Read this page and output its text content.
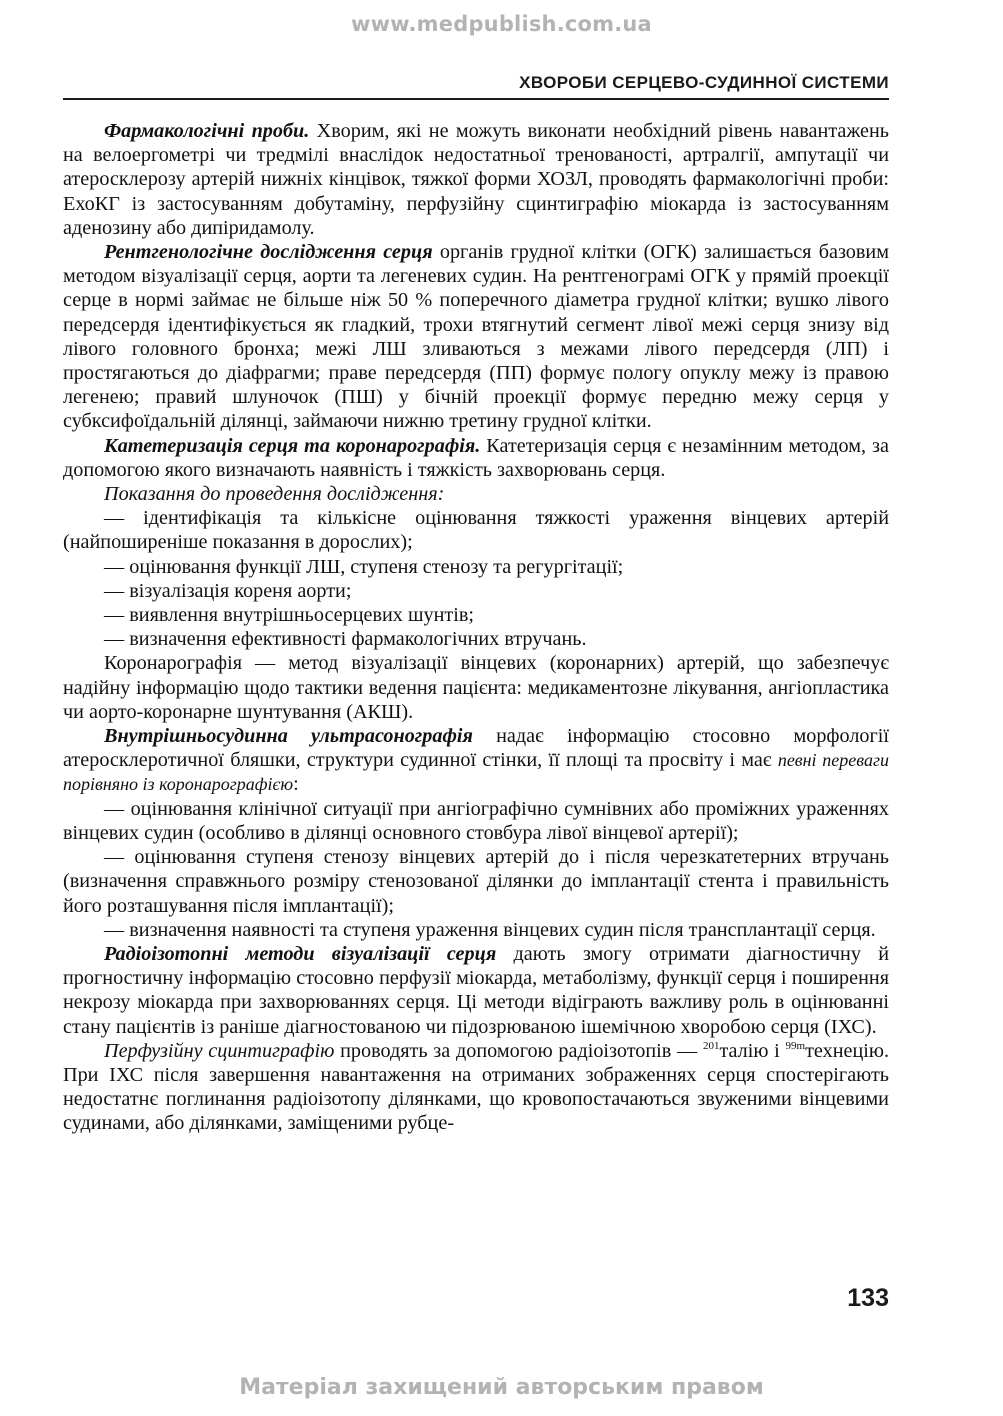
www.medpublish.com.ua
ХВОРОБИ СЕРЦЕВО-СУДИННОЇ СИСТЕМИ

Фармакологічні проби. Хворим, які не можуть виконати необхідний рівень навантажень на велоергометрі чи тредмілі внаслідок недостатньої тренованості, артралгії, ампутації чи атеросклерозу артерій нижніх кінцівок, тяжкої форми ХОЗЛ, проводять фармакологічні проби: ЕхоКГ із застосуванням добутаміну, перфузійну сцинтиграфію міокарда із застосуванням аденозину або дипіридамолу.

Рентгенологічне дослідження серця органів грудної клітки (ОГК) залишається базовим методом візуалізації серця, аорти та легеневих судин. На рентгенограмі ОГК у прямій проекції серце в нормі займає не більше ніж 50 % поперечного діаметра грудної клітки; вушко лівого передсердя ідентифікується як гладкий, трохи втягнутий сегмент лівої межі серця знизу від лівого головного бронха; межі ЛШ зливаються з межами лівого передсердя (ЛП) і простягаються до діафрагми; праве передсердя (ПП) формує пологу опуклу межу із правою легенею; правий шлуночок (ПШ) у бічній проекції формує передню межу серця у субксифоїдальній ділянці, займаючи нижню третину грудної клітки.

Катетеризація серця та коронарографія. Катетеризація серця є незамінним методом, за допомогою якого визначають наявність і тяжкість захворювань серця.

Показання до проведення дослідження:

— ідентифікація та кількісне оцінювання тяжкості ураження вінцевих артерій (найпоширеніше показання в дорослих);

— оцінювання функції ЛШ, ступеня стенозу та регургітації;

— візуалізація кореня аорти;

— виявлення внутрішньосерцевих шунтів;

— визначення ефективності фармакологічних втручань.

Коронарографія — метод візуалізації вінцевих (коронарних) артерій, що забезпечує надійну інформацію щодо тактики ведення пацієнта: медикаментозне лікування, ангіопластика чи аорто-коронарне шунтування (АКШ).

Внутрішньосудинна ультрасонографія надає інформацію стосовно морфології атеросклеротичної бляшки, структури судинної стінки, її площі та просвіту і має певні переваги порівняно із коронарографією:

— оцінювання клінічної ситуації при ангіографічно сумнівних або проміжних ураженнях вінцевих судин (особливо в ділянці основного стовбура лівої вінцевої артерії);

— оцінювання ступеня стенозу вінцевих артерій до і після черезкатетерних втручань (визначення справжнього розміру стенозованої ділянки до імплантації стента і правильність його розташування після імплантації);

— визначення наявності та ступеня ураження вінцевих судин після трансплантації серця.

Радіоізотопні методи візуалізації серця дають змогу отримати діагностичну й прогностичну інформацію стосовно перфузії міокарда, метаболізму, функції серця і поширення некрозу міокарда при захворюваннях серця. Ці методи відіграють важливу роль в оцінюванні стану пацієнтів із раніше діагностованою чи підозрюваною ішемічною хворобою серця (ІХС).

Перфузійну сцинтиграфію проводять за допомогою радіоізотопів — $^{201}$талію і $^{99m}$технецію. При ІХС після завершення навантаження на отриманих зображеннях серця спостерігають недостатнє поглинання радіоізотопу ділянками, що кровопостачаються звуженими вінцевими судинами, або ділянками, заміщеними рубце-

133
Матеріал захищений авторським правом
